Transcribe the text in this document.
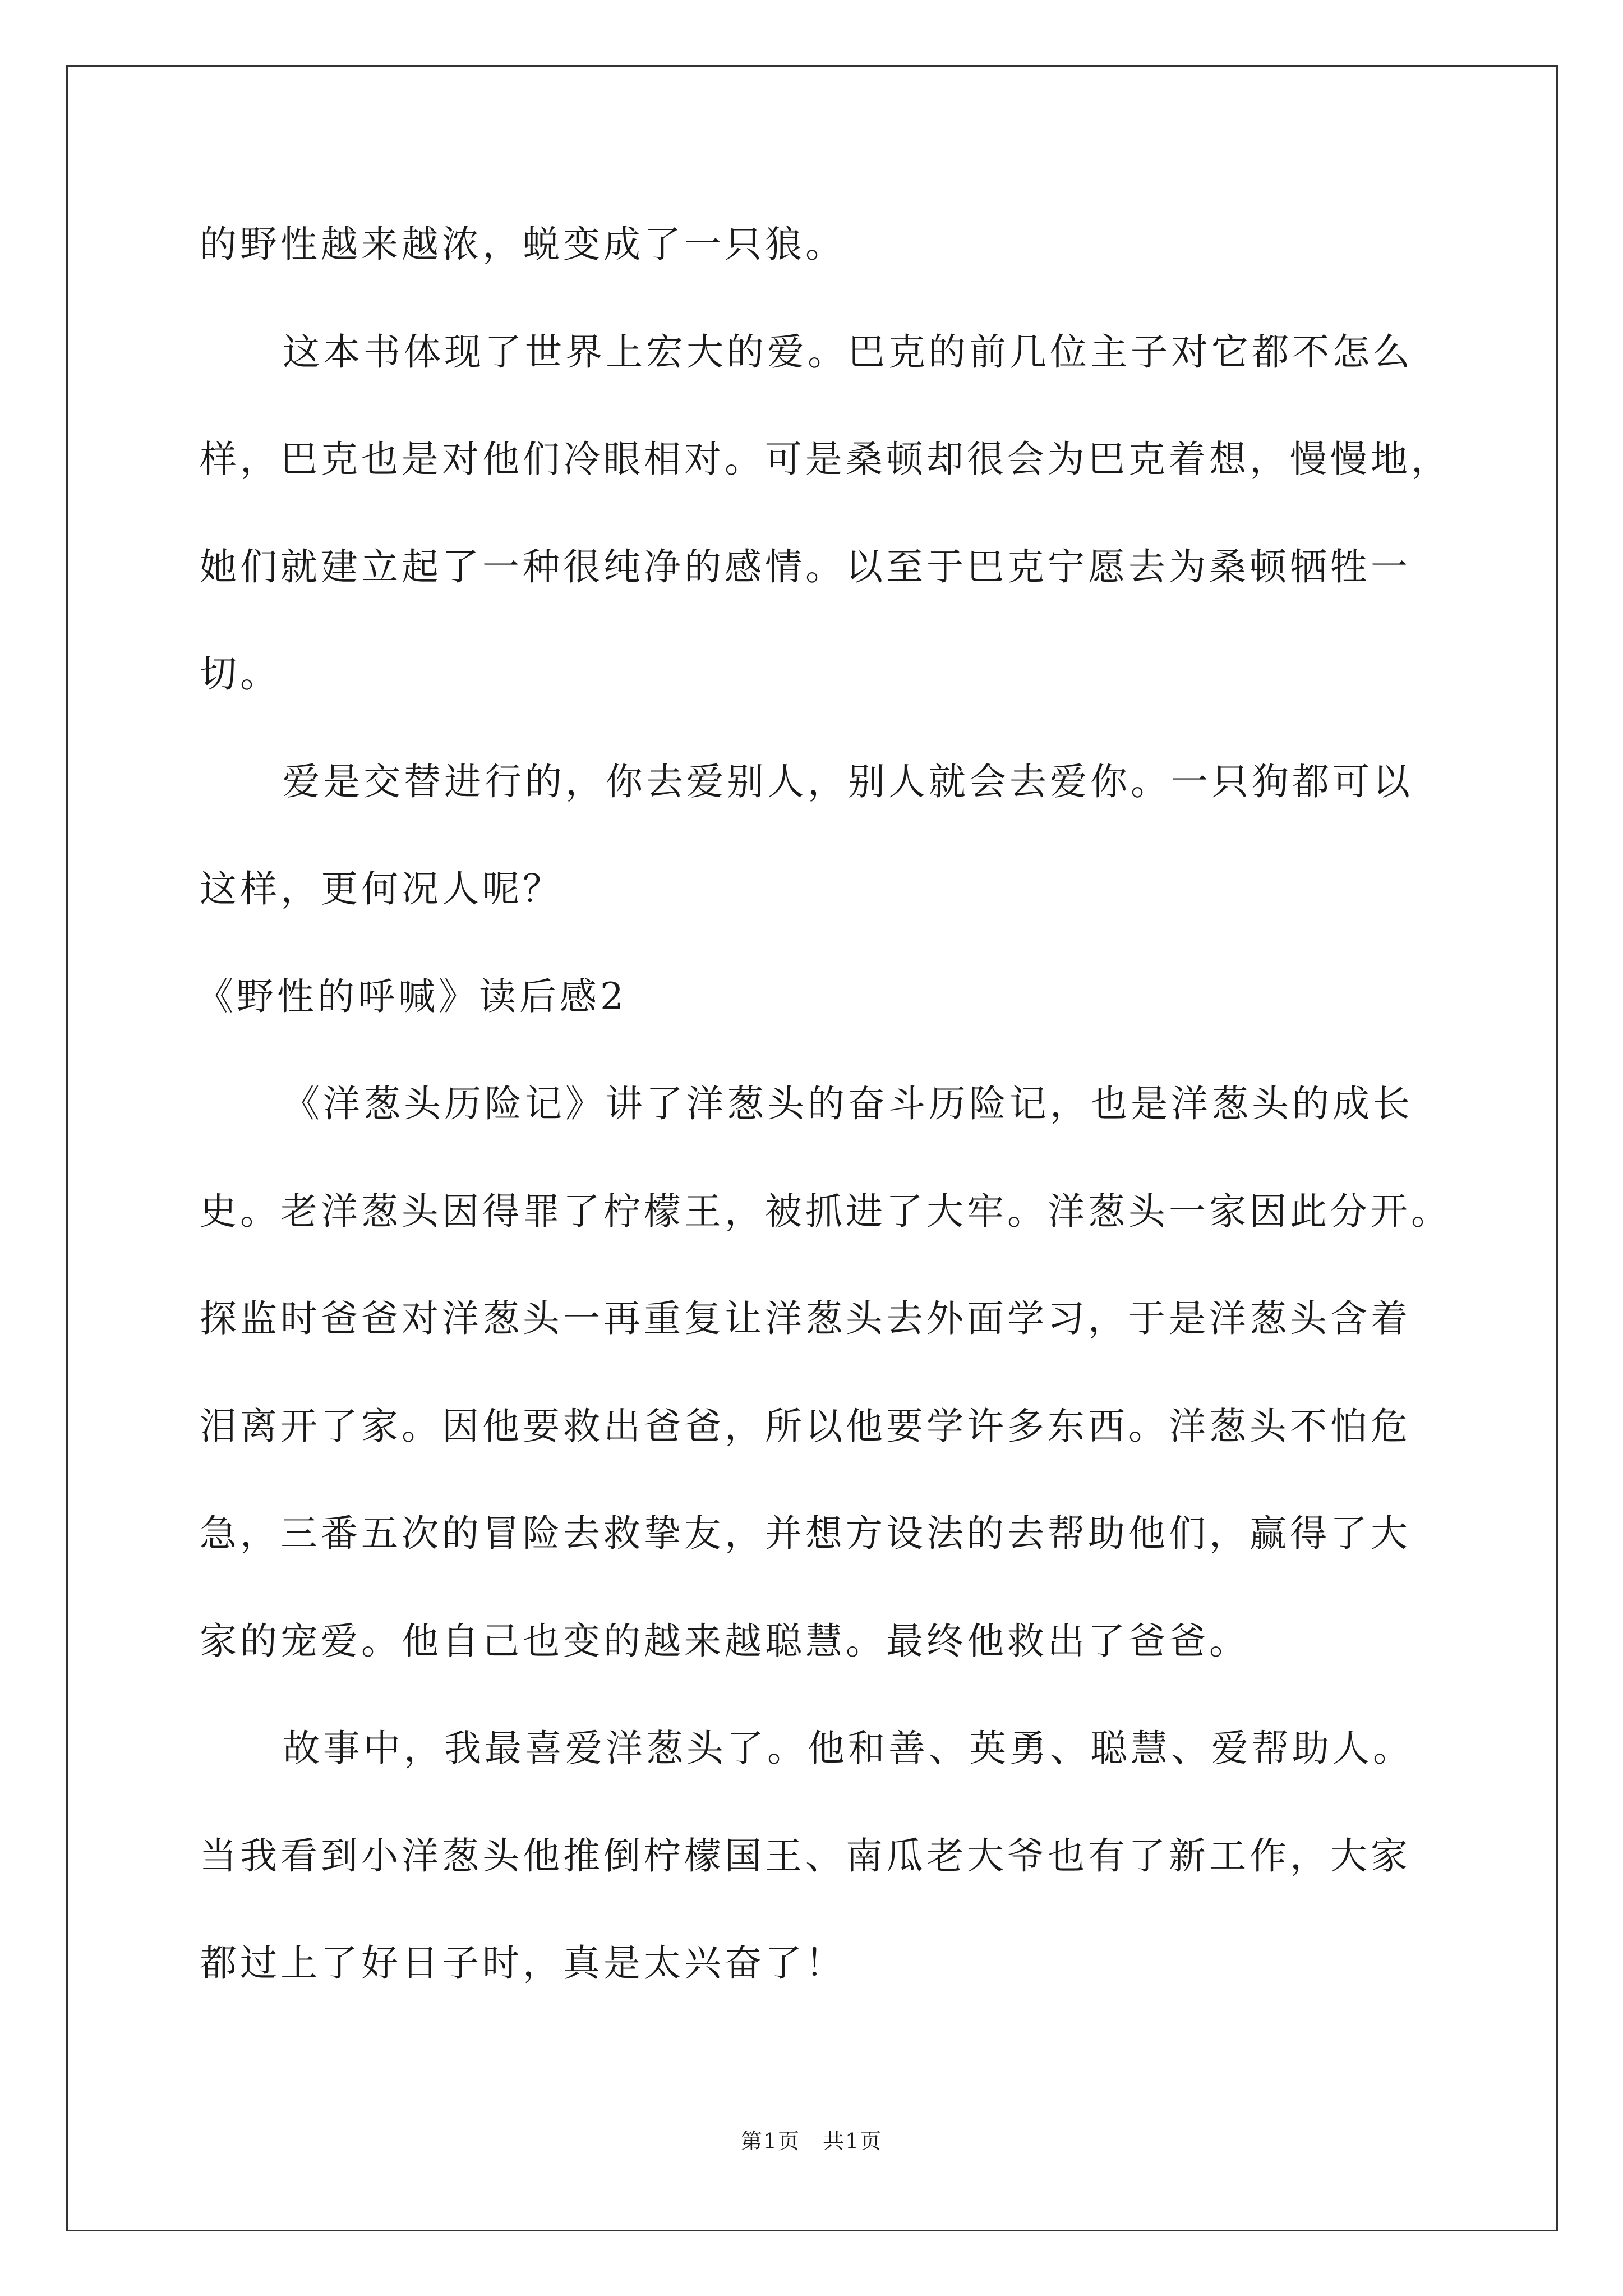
的野性越来越浓，蜕变成了一只狼。
这本书体现了世界上宏大的爱。巴克的前几位主子对它都不怎么
样，巴克也是对他们冷眼相对。可是桑顿却很会为巴克着想，慢慢地，
她们就建立起了一种很纯净的感情。以至于巴克宁愿去为桑顿牺牲一
切。
爱是交替进行的，你去爱别人，别人就会去爱你。一只狗都可以
这样，更何况人呢？
《野性的呼喊》读后感2
《洋葱头历险记》讲了洋葱头的奋斗历险记，也是洋葱头的成长
史。老洋葱头因得罪了柠檬王，被抓进了大牢。洋葱头一家因此分开。
探监时爸爸对洋葱头一再重复让洋葱头去外面学习，于是洋葱头含着
泪离开了家。因他要救出爸爸，所以他要学许多东西。洋葱头不怕危
急，三番五次的冒险去救挚友，并想方设法的去帮助他们，赢得了大
家的宠爱。他自己也变的越来越聪慧。最终他救出了爸爸。
故事中，我最喜爱洋葱头了。他和善、英勇、聪慧、爱帮助人。
当我看到小洋葱头他推倒柠檬国王、南瓜老大爷也有了新工作，大家
都过上了好日子时，真是太兴奋了！
第1页　共1页
